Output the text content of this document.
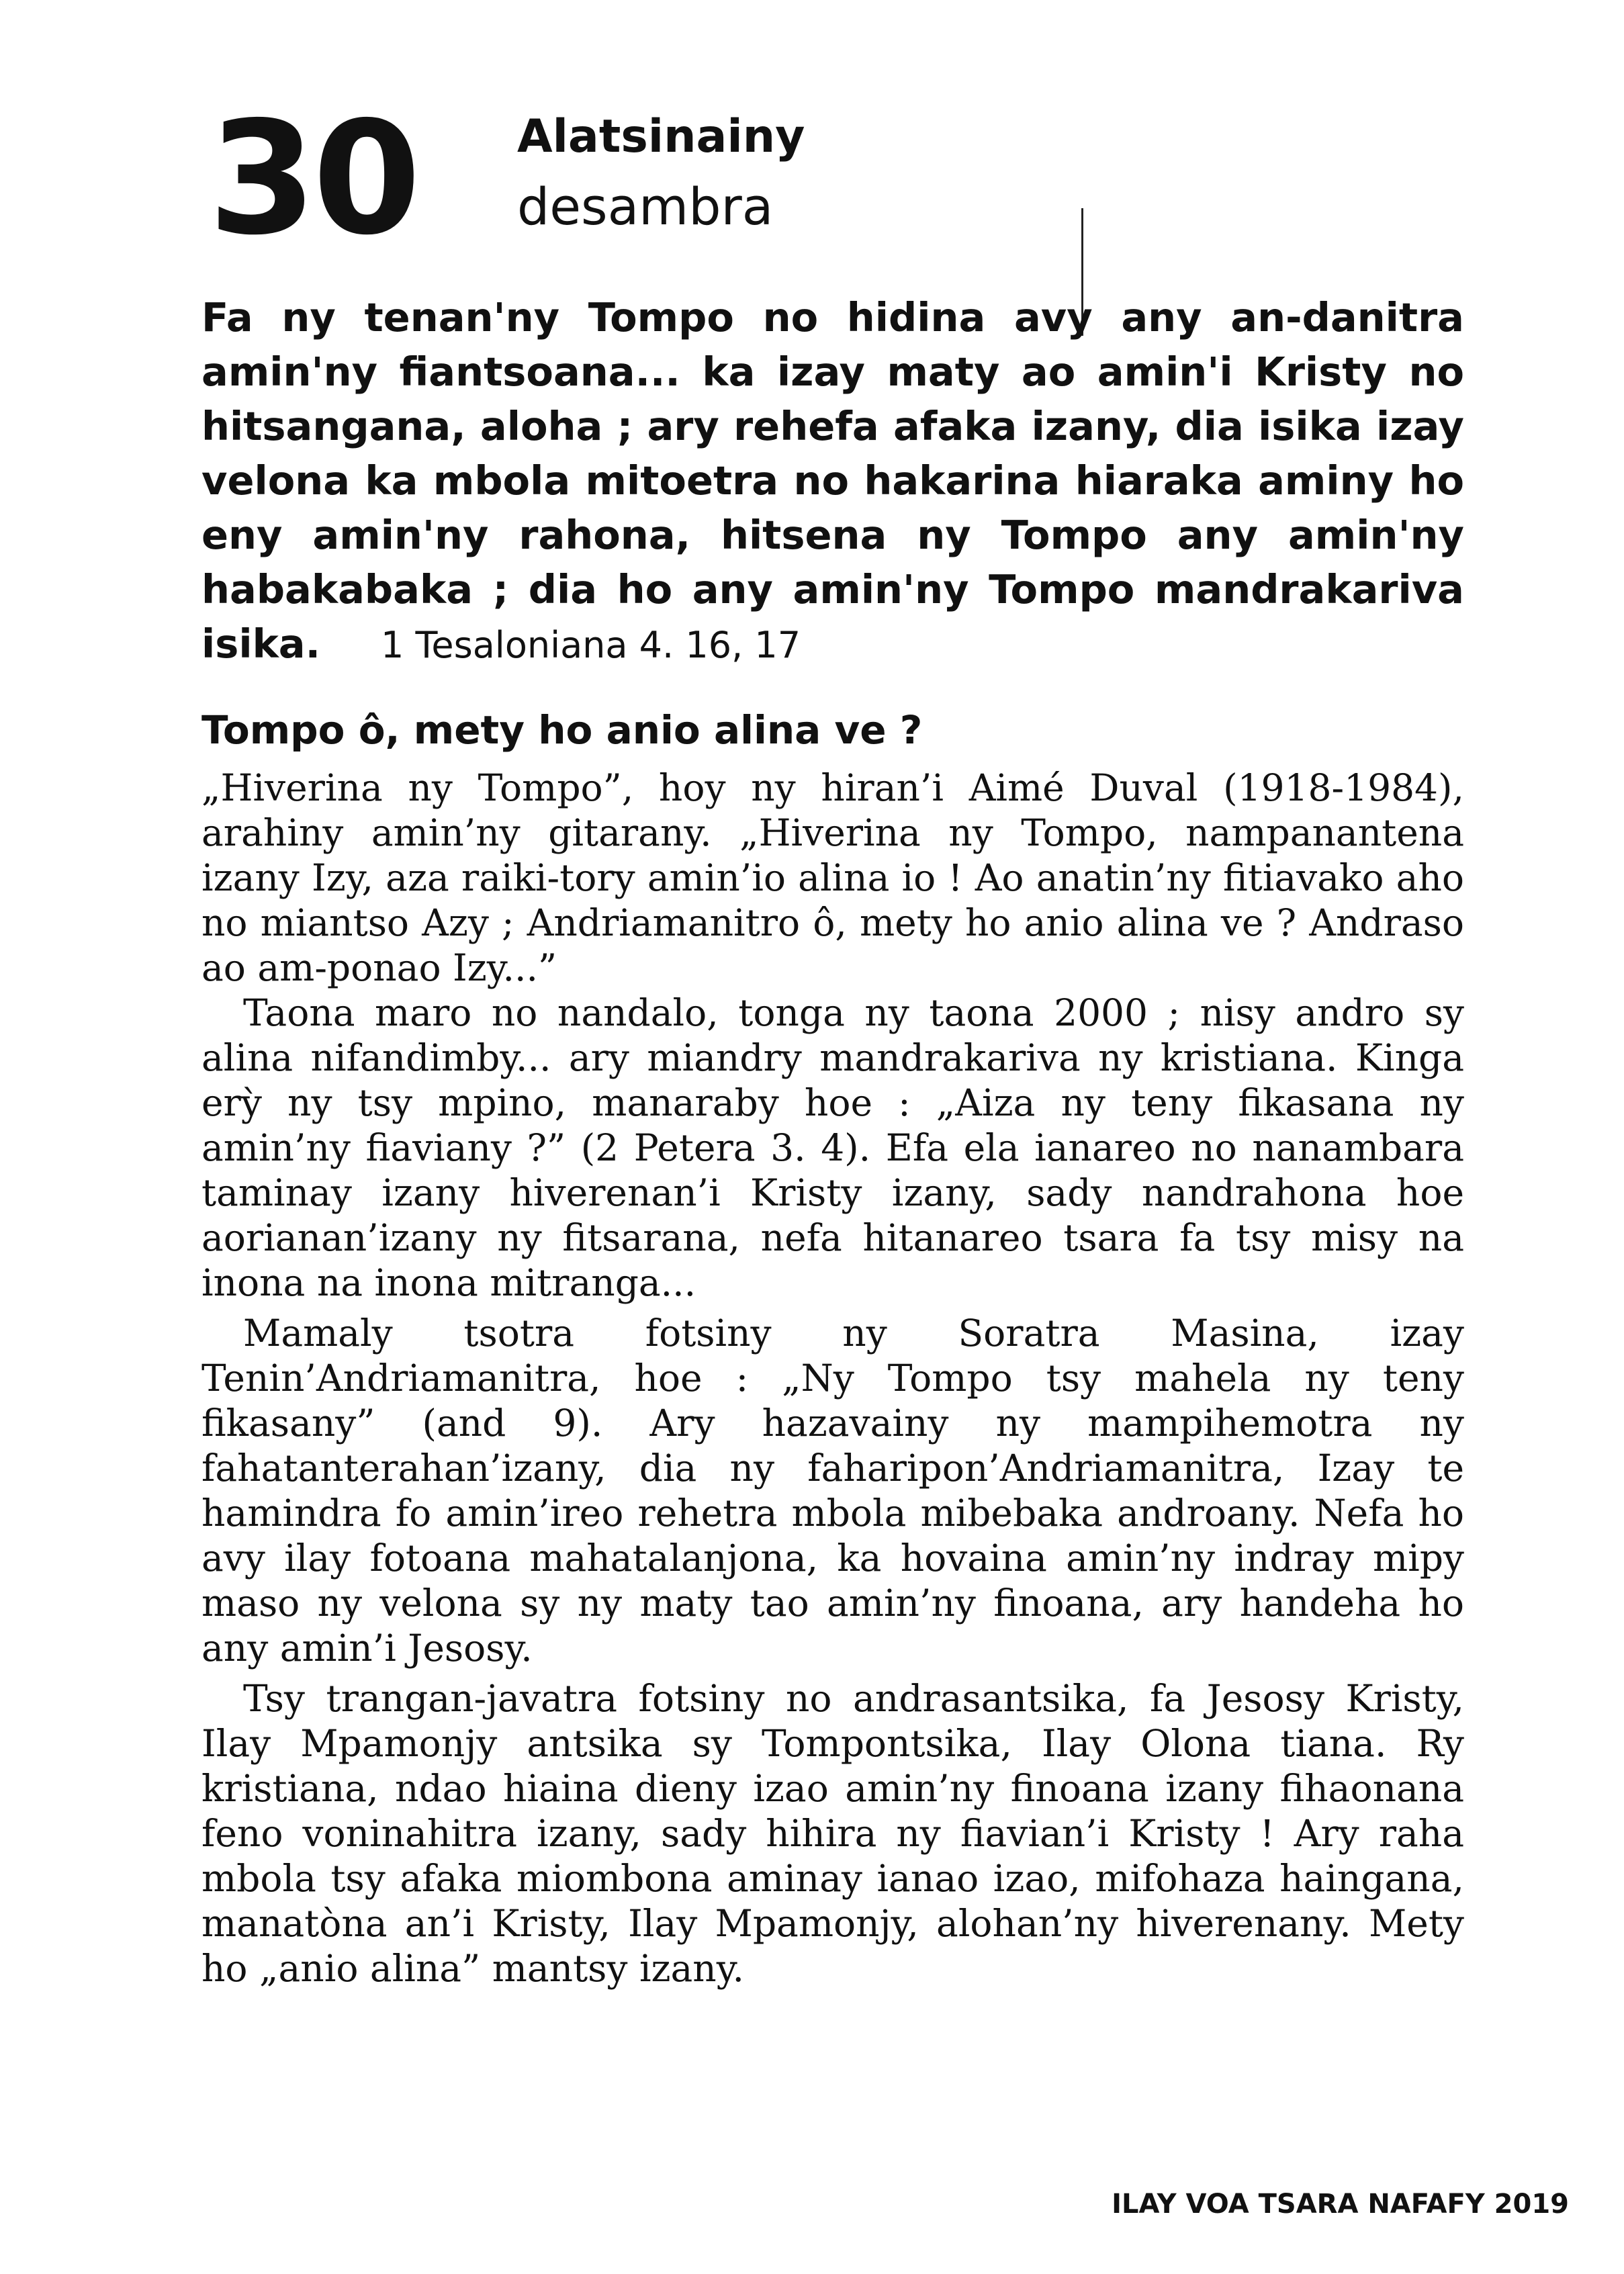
30 Alatsinainy
desambra

Fa ny tenan'ny Tompo no hidina avy any an-danitra amin'ny fiantsoana... ka izay maty ao amin'i Kristy no hitsangana, aloha ; ary rehefa afaka izany, dia isika izay velona ka mbola mitoetra no hakarina hiaraka aminy ho eny amin'ny rahona, hitsena ny Tompo any amin'ny habakabaka ; dia ho any amin'ny Tompo mandrakariva isika. 1 Tesaloniana 4. 16, 17

Tompo ô, mety ho anio alina ve ?

„Hiverina ny Tompo”, hoy ny hiran’i Aimé Duval (1918-1984), arahiny amin’ny gitarany. „Hiverina ny Tompo, nampanantena izany Izy, aza raiki-tory amin’io alina io ! Ao anatin’ny fitiavako aho no miantso Azy ; Andriamanitro ô, mety ho anio alina ve ? Andraso ao am-ponao Izy...”

Taona maro no nandalo, tonga ny taona 2000 ; nisy andro sy alina nifandimby... ary miandry mandrakariva ny kristiana. Kinga erỳ ny tsy mpino, manaraby hoe : „Aiza ny teny fikasana ny amin’ny fiaviany ?” (2 Petera 3. 4). Efa ela ianareo no nanambara taminay izany hiverenan’i Kristy izany, sady nandrahona hoe aorianan’izany ny fitsarana, nefa hitanareo tsara fa tsy misy na inona na inona mitranga...

Mamaly tsotra fotsiny ny Soratra Masina, izay Tenin’Andriamanitra, hoe : „Ny Tompo tsy mahela ny teny fikasany” (and 9). Ary hazavainy ny mampihemotra ny fahatanterahan’izany, dia ny faharipon’Andriamanitra, Izay te hamindra fo amin’ireo rehetra mbola mibebaka androany. Nefa ho avy ilay fotoana mahatalanjona, ka hovaina amin’ny indray mipy maso ny velona sy ny maty tao amin’ny finoana, ary handeha ho any amin’i Jesosy.

Tsy trangan-javatra fotsiny no andrasantsika, fa Jesosy Kristy, Ilay Mpamonjy antsika sy Tompontsika, Ilay Olona tiana. Ry kristiana, ndao hiaina dieny izao amin’ny finoana izany fihaonana feno voninahitra izany, sady hihira ny fiavian’i Kristy ! Ary raha mbola tsy afaka miombona aminay ianao izao, mifohaza haingana, manatòna an’i Kristy, Ilay Mpamonjy, alohan’ny hiverenany. Mety ho „anio alina” mantsy izany.

ILAY VOA TSARA NAFAFY 2019
